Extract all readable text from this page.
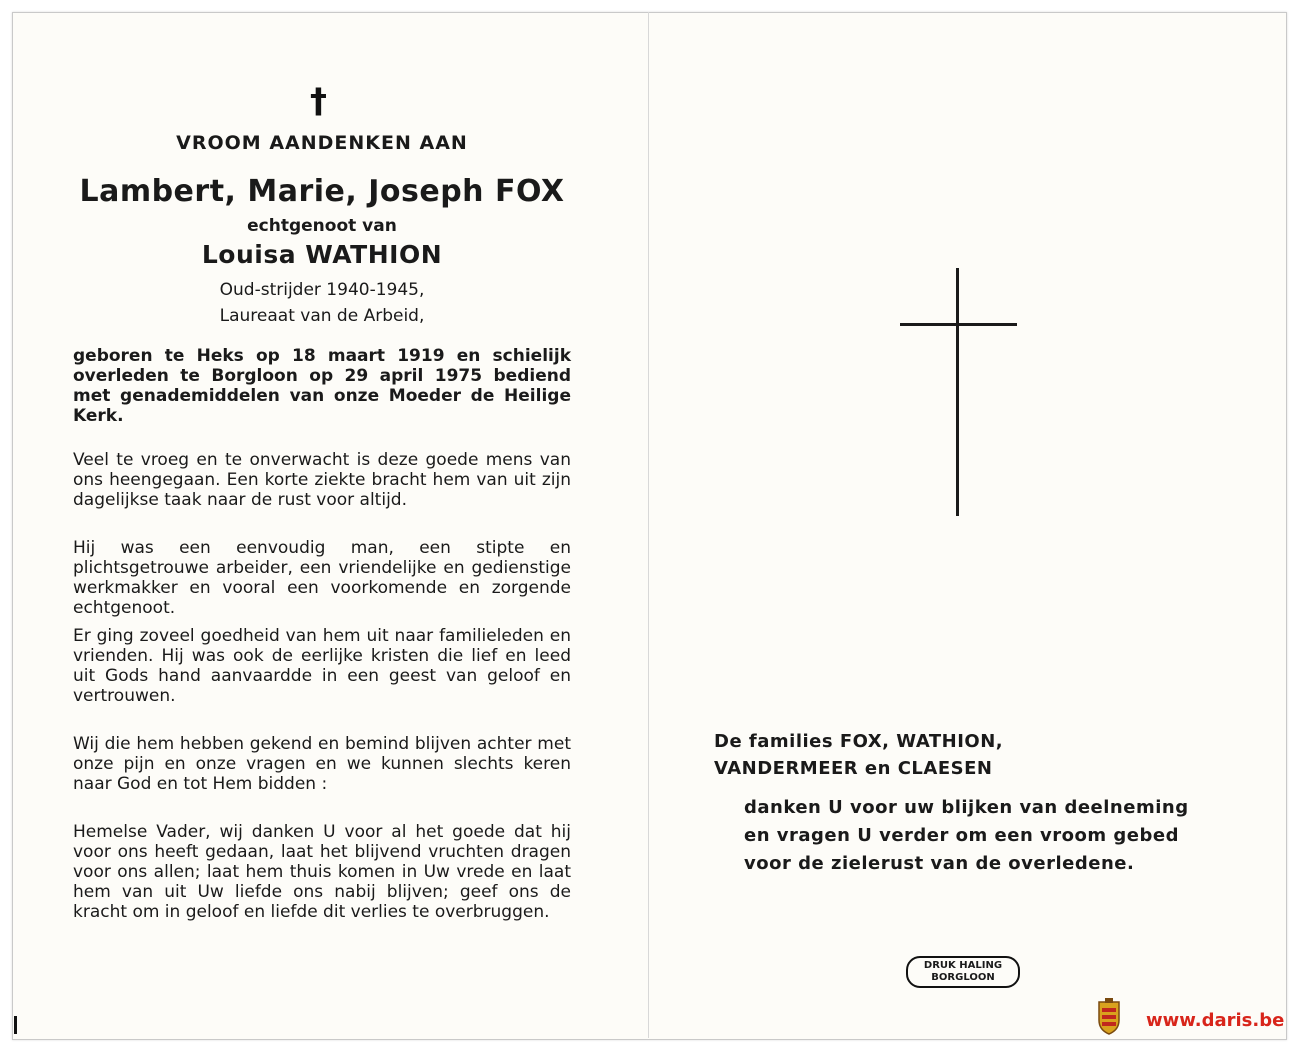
†
VROOM AANDENKEN AAN
Lambert, Marie, Joseph FOX
echtgenoot van
Louisa WATHION
Oud-strijder 1940-1945,
Laureaat van de Arbeid,
geboren te Heks op 18 maart 1919 en schielijk overleden te Borgloon op 29 april 1975 bediend met genademiddelen van onze Moeder de Heilige Kerk.
Veel te vroeg en te onverwacht is deze goede mens van ons heengegaan. Een korte ziekte bracht hem van uit zijn dagelijkse taak naar de rust voor altijd.
Hij was een eenvoudig man, een stipte en plichtsgetrouwe arbeider, een vriendelijke en gedienstige werkmakker en vooral een voorkomende en zorgende echtgenoot.
Er ging zoveel goedheid van hem uit naar familieleden en vrienden. Hij was ook de eerlijke kristen die lief en leed uit Gods hand aanvaardde in een geest van geloof en vertrouwen.
Wij die hem hebben gekend en bemind blijven achter met onze pijn en onze vragen en we kunnen slechts keren naar God en tot Hem bidden :
Hemelse Vader, wij danken U voor al het goede dat hij voor ons heeft gedaan, laat het blijvend vruchten dragen voor ons allen; laat hem thuis komen in Uw vrede en laat hem van uit Uw liefde ons nabij blijven; geef ons de kracht om in geloof en liefde dit verlies te overbruggen.
De families FOX, WATHION,
VANDERMEER en CLAESEN
danken U voor uw blijken van deelneming
en vragen U verder om een vroom gebed
voor de zielerust van de overledene.
DRUK HALING
BORGLOON
www.daris.be
